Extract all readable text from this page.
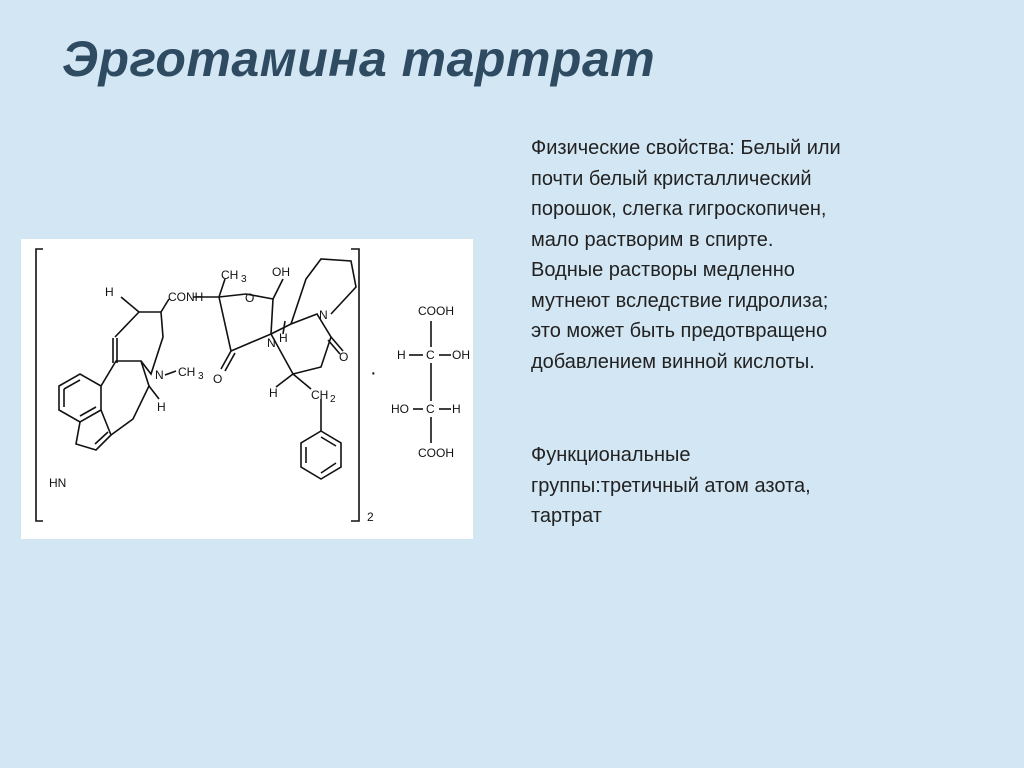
Эрготамина тартрат
Физические свойства: Белый или
почти белый кристаллический
порошок, слегка гигроскопичен,
мало растворим в спирте.
Водные растворы медленно
мутнеют вследствие гидролиза;
это может быть предотвращено
добавлением винной кислоты.
Функциональные
группы:третичный атом азота,
тартрат
H	CONH
CH 3
OH
O
N
N
H
O
O
N CH 3
H
H	CH 2
HN
2
·
COOH
H C OH
HO C H
COOH
